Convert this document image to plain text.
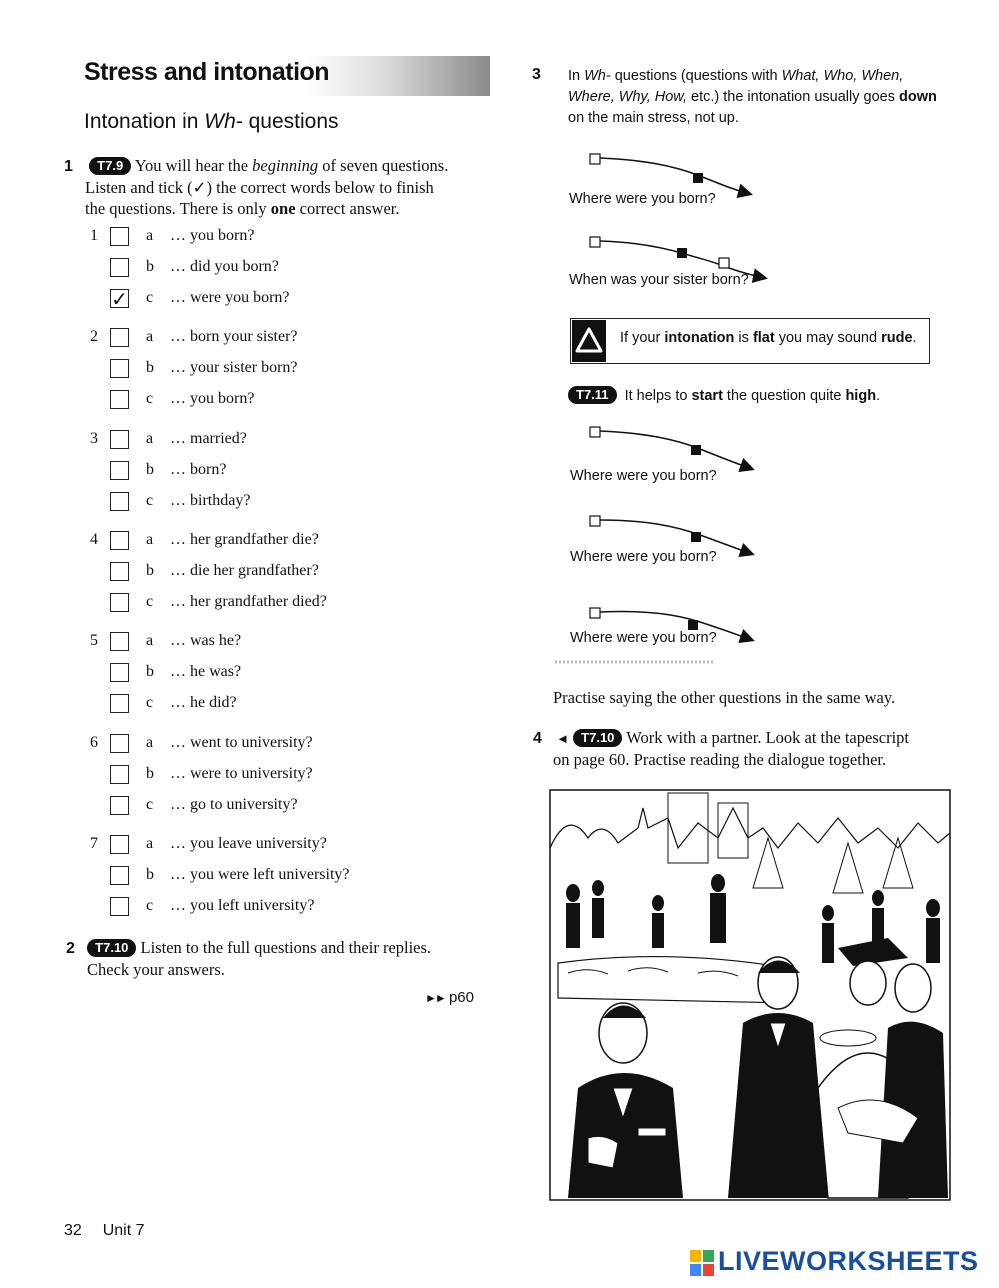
Stress and intonation
Intonation in Wh- questions
1 T7.9 You will hear the beginning of seven questions.
Listen and tick (✓) the correct words below to finish
the questions. There is only one correct answer.
1	a … you born?
b … did you born?
✓ c … were you born?
2	a … born your sister?
b … your sister born?
c … you born?
3	a … married?
b … born?
c … birthday?
4	a … her grandfather die?
b … die her grandfather?
c … her grandfather died?
5	a … was he?
b … he was?
c … he did?
6	a … went to university?
b … were to university?
c … go to university?
7	a … you leave university?
b … you were left university?
c … you left university?
2 T7.10 Listen to the full questions and their replies.
Check your answers.
►► p60
3 In Wh- questions (questions with What, Who, When,
Where, Why, How, etc.) the intonation usually goes down
on the main stress, not up.
Where were you born?
When was your sister born?
If your intonation is flat you may sound rude.
T7.11 It helps to start the question quite high.
Where were you born?
Where were you born?
Where were you born?
Practise saying the other questions in the same way.
4 ◄ T7.10 Work with a partner. Look at the tapescript
on page 60. Practise reading the dialogue together.
32 Unit 7
LIVEWORKSHEETS
